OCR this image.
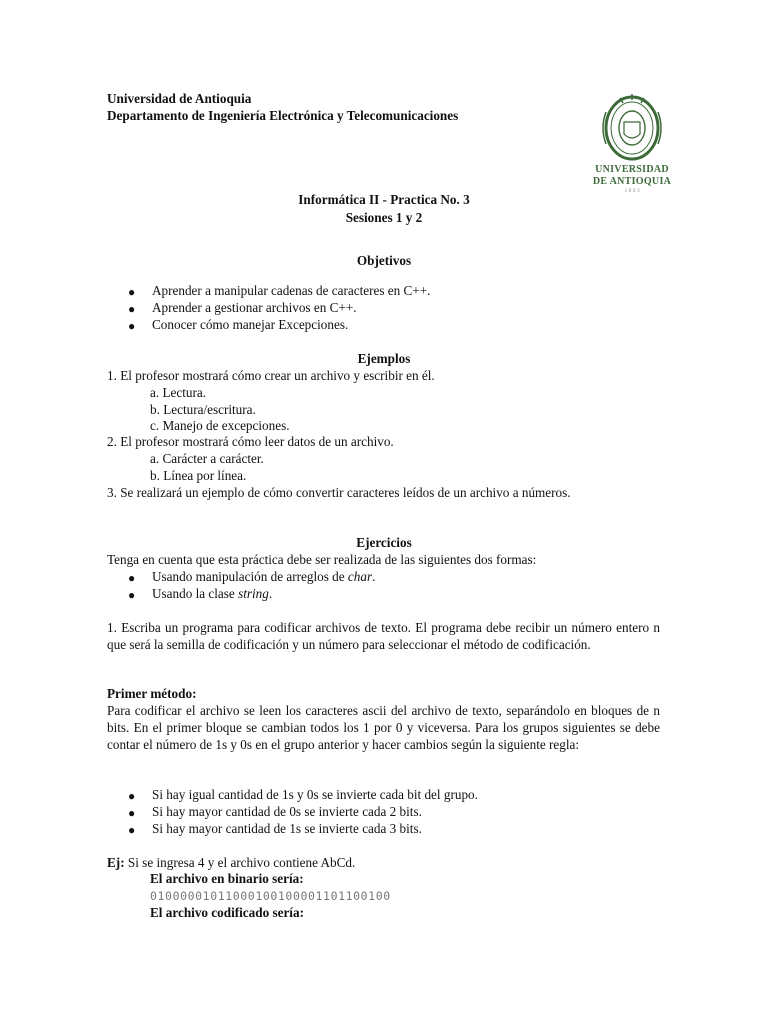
Universidad de Antioquia
Departamento de Ingeniería Electrónica y Telecomunicaciones
UNIVERSIDAD
DE ANTIOQUIA
1 8 0 3
Informática II - Practica No. 3
Sesiones 1 y 2
Objetivos
● Aprender a manipular cadenas de caracteres en C++.
● Aprender a gestionar archivos en C++.
● Conocer cómo manejar Excepciones.
Ejemplos
1. El profesor mostrará cómo crear un archivo y escribir en él.
a. Lectura.
b. Lectura/escritura.
c. Manejo de excepciones.
2. El profesor mostrará cómo leer datos de un archivo.
a. Carácter a carácter.
b. Línea por línea.
3. Se realizará un ejemplo de cómo convertir caracteres leídos de un archivo a números.
Ejercicios
Tenga en cuenta que esta práctica debe ser realizada de las siguientes dos formas:
● Usando manipulación de arreglos de char.
● Usando la clase string.
1. Escriba un programa para codificar archivos de texto. El programa debe recibir un número entero n que será la semilla de codificación y un número para seleccionar el método de codificación.
Primer método:
Para codificar el archivo se leen los caracteres ascii del archivo de texto, separándolo en bloques de n bits. En el primer bloque se cambian todos los 1 por 0 y viceversa. Para los grupos siguientes se debe contar el número de 1s y 0s en el grupo anterior y hacer cambios según la siguiente regla:
● Si hay igual cantidad de 1s y 0s se invierte cada bit del grupo.
● Si hay mayor cantidad de 0s se invierte cada 2 bits.
● Si hay mayor cantidad de 1s se invierte cada 3 bits.
Ej: Si se ingresa 4 y el archivo contiene AbCd.
El archivo en binario sería:
01000001011000100100001101100100
El archivo codificado sería:
